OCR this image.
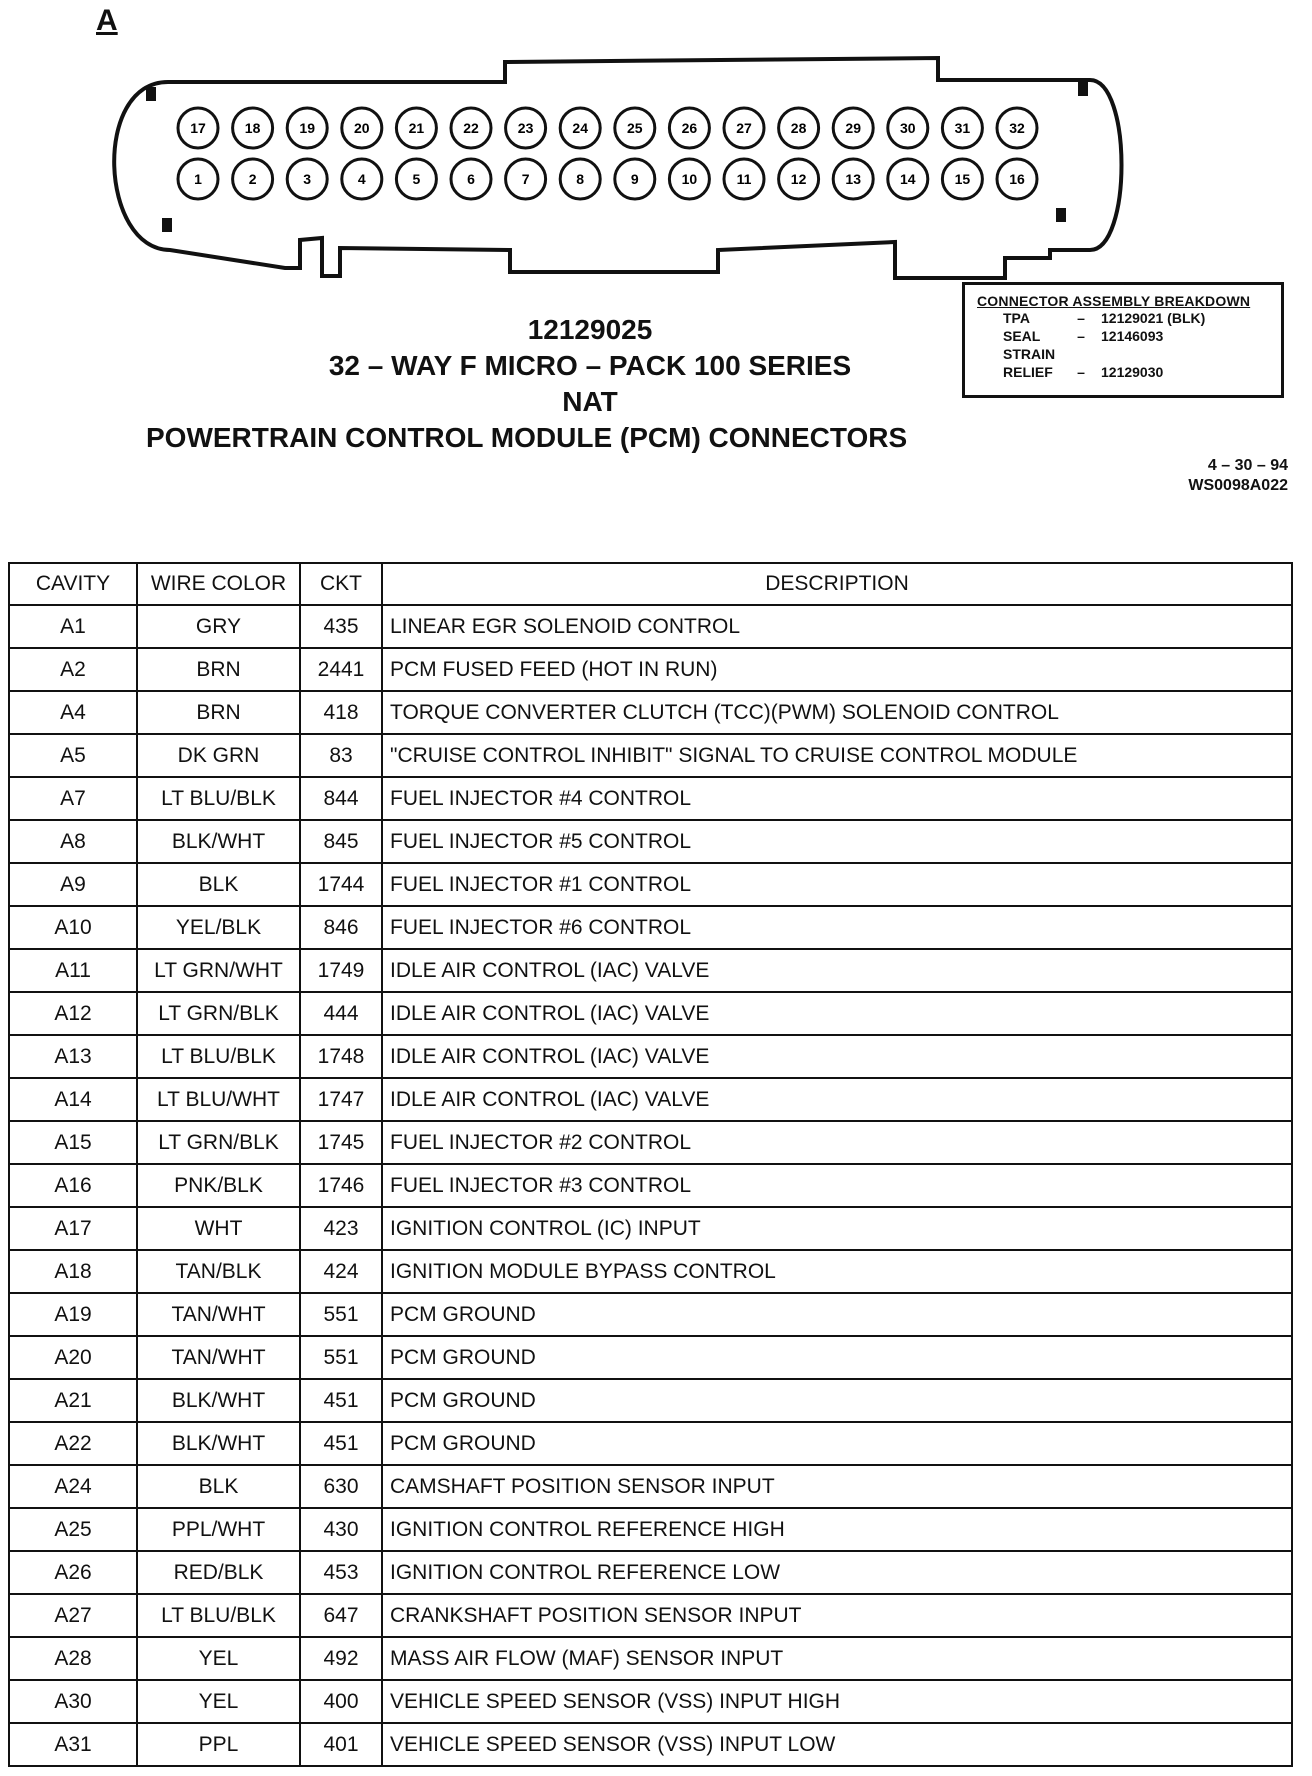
A
17	18	19	20	21	22	23	24	25	26	27	28	29	30	31	32
1	2	3	4	5	6	7	8	9	10	11	12	13	14	15	16
CONNECTOR ASSEMBLY BREAKDOWN
TPA	–	12129021 (BLK)
SEAL	–	12146093
STRAIN
RELIEF	–	12129030
12129025
32 – WAY F MICRO – PACK 100 SERIES
NAT
POWERTRAIN CONTROL MODULE (PCM) CONNECTORS
4 – 30 – 94
WS0098A022
CAVITY	WIRE COLOR	CKT	DESCRIPTION
A1	GRY	435	LINEAR EGR SOLENOID CONTROL
A2	BRN	2441	PCM FUSED FEED (HOT IN RUN)
A4	BRN	418	TORQUE CONVERTER CLUTCH (TCC)(PWM) SOLENOID CONTROL
A5	DK GRN	83	"CRUISE CONTROL INHIBIT" SIGNAL TO CRUISE CONTROL MODULE
A7	LT BLU/BLK	844	FUEL INJECTOR #4 CONTROL
A8	BLK/WHT	845	FUEL INJECTOR #5 CONTROL
A9	BLK	1744	FUEL INJECTOR #1 CONTROL
A10	YEL/BLK	846	FUEL INJECTOR #6 CONTROL
A11	LT GRN/WHT	1749	IDLE AIR CONTROL (IAC) VALVE
A12	LT GRN/BLK	444	IDLE AIR CONTROL (IAC) VALVE
A13	LT BLU/BLK	1748	IDLE AIR CONTROL (IAC) VALVE
A14	LT BLU/WHT	1747	IDLE AIR CONTROL (IAC) VALVE
A15	LT GRN/BLK	1745	FUEL INJECTOR #2 CONTROL
A16	PNK/BLK	1746	FUEL INJECTOR #3 CONTROL
A17	WHT	423	IGNITION CONTROL (IC) INPUT
A18	TAN/BLK	424	IGNITION MODULE BYPASS CONTROL
A19	TAN/WHT	551	PCM GROUND
A20	TAN/WHT	551	PCM GROUND
A21	BLK/WHT	451	PCM GROUND
A22	BLK/WHT	451	PCM GROUND
A24	BLK	630	CAMSHAFT POSITION SENSOR INPUT
A25	PPL/WHT	430	IGNITION CONTROL REFERENCE HIGH
A26	RED/BLK	453	IGNITION CONTROL REFERENCE LOW
A27	LT BLU/BLK	647	CRANKSHAFT POSITION SENSOR INPUT
A28	YEL	492	MASS AIR FLOW (MAF) SENSOR INPUT
A30	YEL	400	VEHICLE SPEED SENSOR (VSS) INPUT HIGH
A31	PPL	401	VEHICLE SPEED SENSOR (VSS) INPUT LOW
